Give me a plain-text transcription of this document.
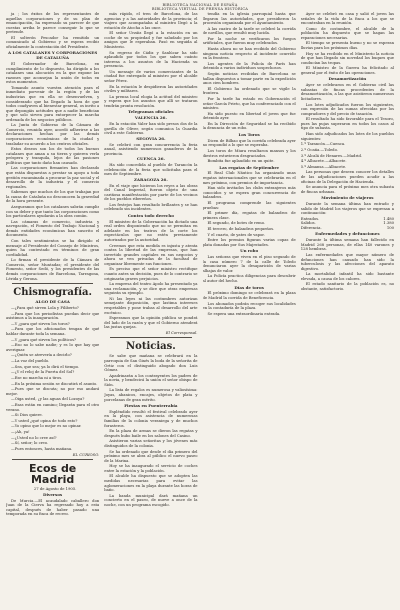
BIBLIOTECA NACIONAL DE ESPAÑA
BIBLIOTECA VIRTUAL DE PRENSA HISTÓRICA

ja ; los éxitos de los representantes de aquellas corporaciones y de su plan de emancipación, ha expresado su parecer de que cuestas arriba le parece conseguir lo que se pretende.

El solterón Pescador ha remitido un comunicado al Gobierno y se espera recibir oficialmente la contestación del Presidente.

A LOS CATALANES Y CORPORACIONES DE CATALUÑA

El Gobernador de Barcelona, en cumplimiento de lo dispuesto, ha dirigido a los catalanes una alocución en la que expone las razones que aconsejan la unión de todos en estos momentos.

Tomando asunto vuestra atención para el inmediato porvenir de la región y de las industrias que en ella se desenvuelven, y considerando que ha llegado la hora de que todos coadyuven al bienestar general, os invito a que depongáis actitudes que a nadie benefician y que solo sirven para entorpecer la marcha ordenada de los negocios públicos.

La Junta de Gobierno de la Cámara de Comercio, reunida ayer, acordó adherirse a las declaraciones hechas por las demás corporaciones económicas de la ciudad y trasladar su acuerdo a los centros oficiales.

Estos deseos son los de todos los buenos catalanes que aman a su tierra y quieren verla próspera y tranquila, lejos de las pasiones políticas que tanto daño han causado.

Las corporaciones firmantes han declarado que están dispuestas a prestar su apoyo a toda gestión encaminada a procurar la paz social y el desarrollo de la industria y el comercio regionales.

Sabemos que muchos de los que trabajan por la causa de Cataluña no desconocen la gravedad de la hora presente.

Aseguramos que los catalanes sabrán cumplir con su deber y que tanto las corporaciones como los particulares ayudarán a la obra común.

Las cámaras de comercio, industria y navegación, el Fomento del Trabajo Nacional y demás entidades económicas han suscrito el documento.

Con tales sentimientos se ha dirigido el mensaje al Presidente del Consejo de Ministros, quien ha contestado en términos de gran cordialidad.

Lo firman el presidente de la Cámara de Comercio, señor Muntadas; el presidente del Fomento, señor Sedó, y los presidentes de las demás corporaciones de Barcelona, Tarragona, Lérida y Gerona.

Chismografía.
ALGO DE CASA

—¿Para qué sirven Lola y Filiberto?

—Para que los periodistas puedan decir que asistimos a la inauguración.

—Y ¿para qué sirven los toros?

—Para que los aficionados tengan de qué hablar durante toda la semana.

—Y ¿para qué sirven los políticos?

—Eso no lo sabe nadie; y es lo que hay que averiguar.

—¿Quién se atrevería a decirlo?

—La voz del pueblo.

—Sea, que sea; ya lo dirá el tiempo.

—¿Y el reloj de la Puerta del Sol?

—Ese no marcha ni a tiros.

—En la próxima sesión se discutirá el asunto.

—Pues que se discuta; no por eso andará mejor.

—Oiga usted, ¿y las aguas del Lozoya?

—Esas están en camino; llegarán para el otro verano.

—Si Dios quiere.

—Y usted ¿qué opina de todo esto?

—Yo opino que lo mejor es no opinar.

—¡Ah, ya!

—¿Usted no lo cree así?

—Sí, señor; lo creo.

—Pues entonces, hasta mañana.

EL CURIOSO.

Ecos de Madrid

27 de Agosto de 1905.

Diversos

De Murcia.—El acaudalado caballero don Juan de la Cierva ha regresado hoy a esta capital, después de haber pasado una temporada en su finca de recreo.

más rápido, el tren de Barcelona, de las agencias y a las autoridades de la provincia; el viajero que acompañaba al ministro llegó a la estación de Atocha a las once.

El señor Urzáiz llegó a la estación en un coche de su propiedad y fue saludado por los amigos que le esperaban. Pasó en seguida al Ministerio.

Su regreso de Cádiz y Sanlúcar ha sido aplaudido por todos los que saben cuánto interesa a los asuntos de la Hacienda su presencia.

Un mensaje de varios comerciantes de la ciudad fue entregado al ministro por el alcalde señor Pérez.

En la estación le despidieron las autoridades civiles y militares.

La prensa local elogia la actitud del ministro y espera que los asuntos que allí se trataron tendrán pronta resolución.

Telegramas oficiales
VALENCIA 26.

En la estación Valer han sido presos dos de la gavilla de Oliver, según comunica la Guardia civil a este Gobierno.

SEGOVIA 26.

Se celebró con gran concurrencia la feria anual, asistiendo numerosos ganaderos de la provincia.

CUENCA 26.

Ha sido concedida al pueblo de Tarancón la celebración de la feria que solicitaba para el mes de Septiembre.

ZARAGOZA 26.

En el viaje que hicieron los reyes a las obras del Canal Imperial, fueron objeto de una cariñosa manifestación por parte de los vecinos de los pueblos ribereños.

Los festejos han resultado brillantes y se han celebrado sin incidentes.

Contra todo derecho

El ministro de la Gobernación ha dictado una real orden disponiendo que no se permitan en adelante en los teatros de la corte los espectáculos que no estén previamente autorizados por la autoridad.

Creemos que esta medida es injusta y atenta contra la libertad de las empresas, que han invertido grandes capitales en sus negocios y ahora se ven privadas de la facultad de organizar libremente sus funciones.

Es preciso que el señor ministro rectifique cuanto antes su decisión, pues de lo contrario se originarán graves perjuicios.

La empresa del teatro Apolo ha presentado ya una reclamación, y se dice que otras empresas seguirán su ejemplo.

Ni las leyes ni las costumbres autorizan semejante disposición, que lastima intereses respetables y pone trabas al desarrollo del arte escénico.

Esperamos que la opinión pública se pondrá del lado de la razón y que el Gobierno atenderá las justas quejas.

El Corresponsal.

Noticias.

Se sabe que mañana se celebrará en la parroquia de San Ginés la boda de la señorita de Ortiz con el distinguido abogado don Luis Gómez.

Apadrinarán a los contrayentes los padres de la novia, y bendecirá la unión el señor obispo de Sión.

La lista de regalos es numerosa y valiosísima: Joyas, abanicos, encajes, objetos de plata y porcelanas de gran mérito.

Fiestas en Fuenterrabía

Espléndido resultó el festival celebrado ayer en la playa, con asistencia de numerosas familias de la colonia veraniega y de muchos forasteros.

En la plaza de armas se dieron las regatas y después hubo baile en los salones del Casino.

Asistieron varias señoritas y los jóvenes más distinguidos de la colonia.

Se ha ordenado que desde el día primero del próximo mes se abra al público el nuevo paseo de la Marina.

Hoy se ha inaugurado el servicio de coches entre la estación y la población.

El alcalde ha dispuesto que se adopten las medidas necesarias para evitar las aglomeraciones en la playa durante las horas de baño.

La banda municipal dará mañana un concierto en el paseo, de nueve a once de la noche, con un programa escogido.

tendía en la iglesia parroquial hasta que llegaron las autoridades, que presidieron la procesión organizada por el Ayuntamiento.

A las cuatro de la tarde se celebró la corrida de novillos, que resultó muy lucida.

Por la noche se verificaron los fuegos artificiales, que fueron muy celebrados.

Hasta ahora no se han recibido del Gobierno ninguna noticia respecto al incidente ocurrido en la frontera.

Los agentes de la Policía de París han detenido a varios individuos sospechosos.

Según noticias recibidas de Barcelona se hallan dispuestos a tomar parte en la expedición unos cien hombres.

El Gobierno ha ordenado que se vigile la frontera.

Por la tarde ha estado en Gobernación el señor García Prieto, que ha conferenciado con el ministro.

Ha sido puesto en libertad el joven que fue detenido ayer.

En la Dirección de Seguridad se ha recibido la denuncia de un robo.

Los Toros

Dicen de Bilbao que la corrida celebrada ayer no respondió a lo que se esperaba.

Los toros de Miura resultaron mansos y los diestros estuvieron desgraciados.

Bombita fue aplaudido en un quite.

Las regatas de Septiembre

El Real Club Náutico ha organizado unas regatas internacionales que se celebrarán en el mes próximo, con premios de importancia.

Han sido invitados los clubs extranjeros más conocidos y se espera gran concurrencia de balandros.

El programa comprende las siguientes pruebas:

El primer día, regatas de balandros de primera clase.

El segundo, de botes de remo.

El tercero, de balandros pequeños.

Y el cuarto, de yates de vapor.

Entre los premios figuran varias copas de plata donadas por Sus Majestades.

Un robo

Las señoras que viven en el piso segundo de la casa número 7 de la calle de Toledo denunciaron ayer la desaparición de varias alhajas de valor.

La Policía practica diligencias para descubrir al autor del hecho.

Días de toros

El próximo domingo se celebrará en la plaza de Madrid la corrida de Beneficencia.

Los abonados podrán recoger sus localidades en la contaduría de la plaza.

Se espera una extraordinaria entrada.

Ayer se celebró en casa y salió el joven las señales de la vida de la finca a los que se encontraban en la reunión.

Como de costumbre, el alcalde de la población ha dispuesto que se hagan las reparaciones necesarias.

El tiempo se presenta bueno y no se esperan lluvias para los próximos días.

Hoy se ha recibido en el Ministerio la noticia de que han llegado sin novedad los buques que conducían las tropas.

El Ministro de la Guerra ha felicitado al general por el éxito de las operaciones.

Desamortización

Ayer se celebraron en el Gobierno civil las subastas de fincas procedentes de la desamortización, a las que asistieron numerosos licitadores.

Los lotes adjudicados fueron los siguientes, con expresión de las sumas ofrecidas por los compradores y del precio de tasación.

El resultado ha sido favorable para el Tesoro, pues las pujas superaron en todos los casos al tipo de subasta.

Han sido adjudicados los lotes de los pueblos siguientes:

1.º Tarancón.—Cuenca.

2.º Ocaña.—Toledo.

3.º Alcalá de Henares.—Madrid.

4.º Albacete.—Albacete.

5.º Almansa.—Albacete.

Las personas que deseen conocer los detalles de las adjudicaciones pueden acudir a las oficinas de la Delegación de Hacienda.

Se anuncia para el próximo mes otra subasta de fincas urbanas.

Movimiento de viajeros

Durante la semana última han entrado y salido de Madrid los viajeros que se expresan a continuación:

Entrados.	1.480
Salidos.	1.380
Diferencia.	100
Enfermedades y defunciones

Durante la última semana han fallecido en Madrid 268 personas, de ellas 140 varones y 128 hembras.

Las enfermedades que mayor número de defunciones han causado han sido la tuberculosis y las afecciones del aparato digestivo.

La mortalidad infantil ha sido bastante elevada, a causa de los calores.

El estado sanitario de la población es, no obstante, satisfactorio.
